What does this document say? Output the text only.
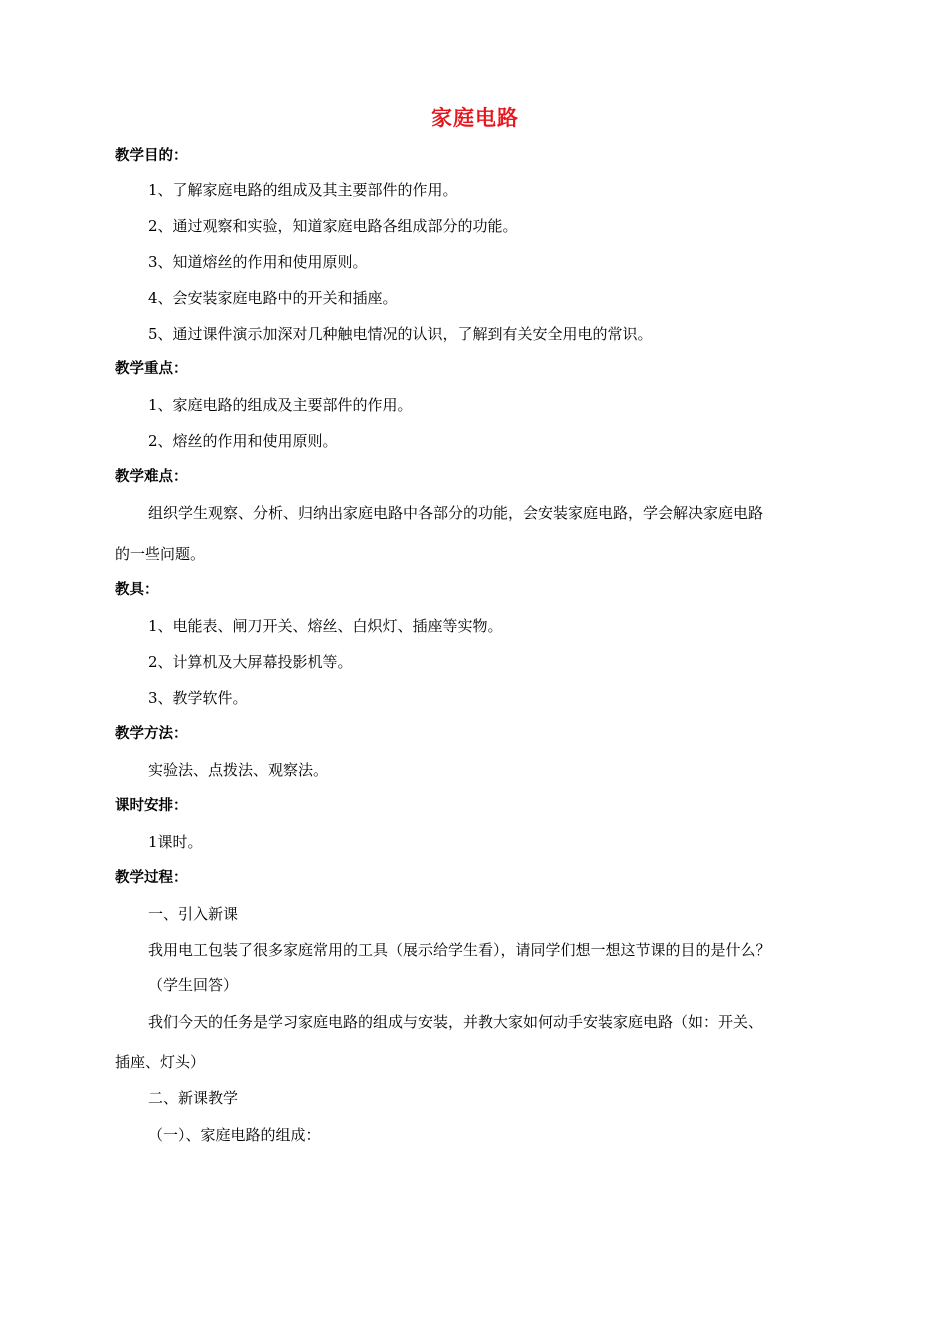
家庭电路
教学目的：
1、了解家庭电路的组成及其主要部件的作用。
2、通过观察和实验，知道家庭电路各组成部分的功能。
3、知道熔丝的作用和使用原则。
4、会安装家庭电路中的开关和插座。
5、通过课件演示加深对几种触电情况的认识，了解到有关安全用电的常识。
教学重点：
1、家庭电路的组成及主要部件的作用。
2、熔丝的作用和使用原则。
教学难点：
组织学生观察、分析、归纳出家庭电路中各部分的功能，会安装家庭电路，学会解决家庭电路
的一些问题。
教具：
1、电能表、闸刀开关、熔丝、白炽灯、插座等实物。
2、计算机及大屏幕投影机等。
3、教学软件。
教学方法：
实验法、点拨法、观察法。
课时安排：
1课时。
教学过程：
一、引入新课
我用电工包装了很多家庭常用的工具（展示给学生看），请同学们想一想这节课的目的是什么？
（学生回答）
我们今天的任务是学习家庭电路的组成与安装，并教大家如何动手安装家庭电路（如：开关、
插座、灯头）
二、新课教学
（一）、家庭电路的组成：
